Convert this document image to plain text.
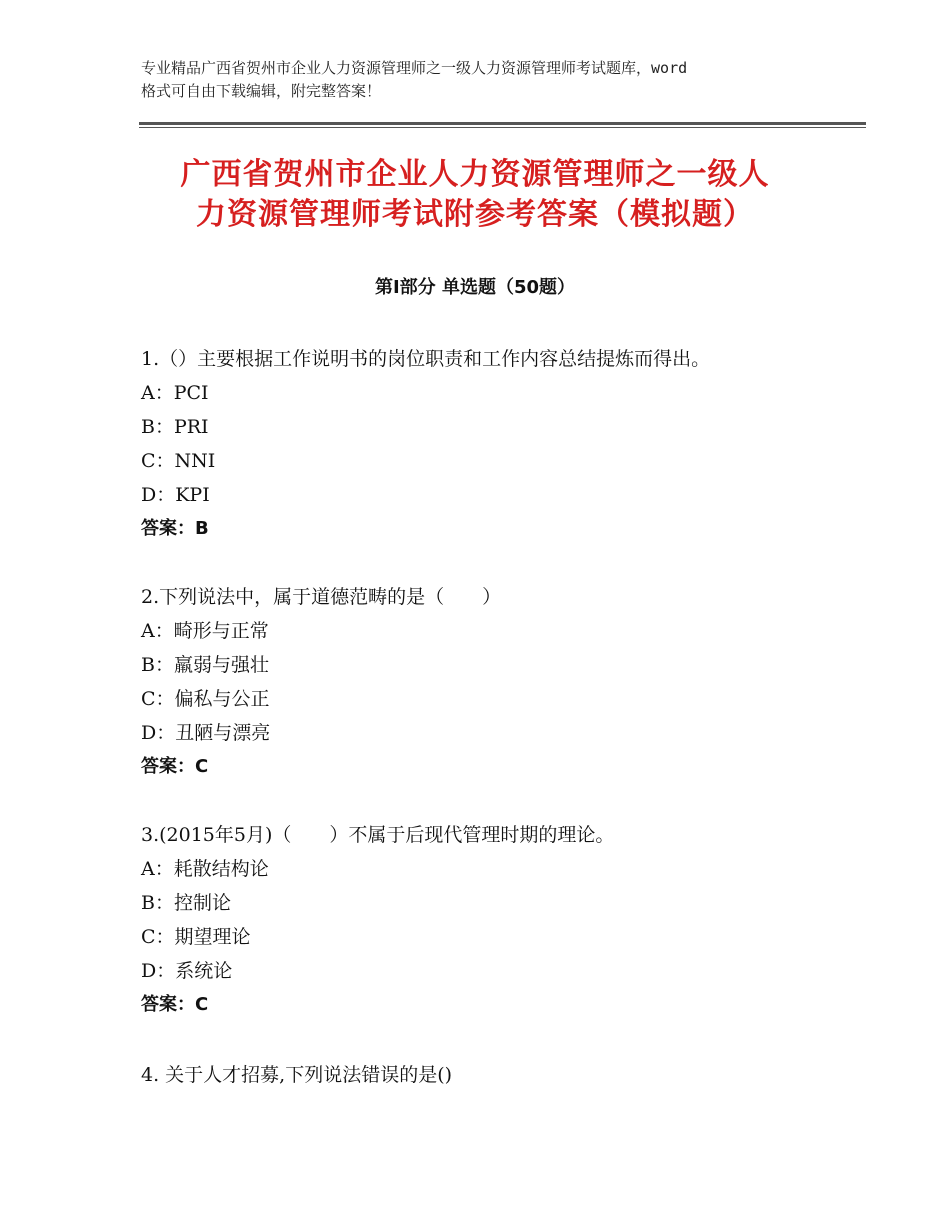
专业精品广西省贺州市企业人力资源管理师之一级人力资源管理师考试题库，word
格式可自由下载编辑，附完整答案！
广西省贺州市企业人力资源管理师之一级人
力资源管理师考试附参考答案（模拟题）
第Ⅰ部分 单选题（50题）
1.（）主要根据工作说明书的岗位职责和工作内容总结提炼而得出。
A：PCI
B：PRI
C：NNI
D：KPI
答案：B
2.下列说法中，属于道德范畴的是（　　）
A：畸形与正常
B：羸弱与强壮
C：偏私与公正
D：丑陋与漂亮
答案：C
3.(2015年5月)（　　）不属于后现代管理时期的理论。
A：耗散结构论
B：控制论
C：期望理论
D：系统论
答案：C
4. 关于人才招募,下列说法错误的是()
